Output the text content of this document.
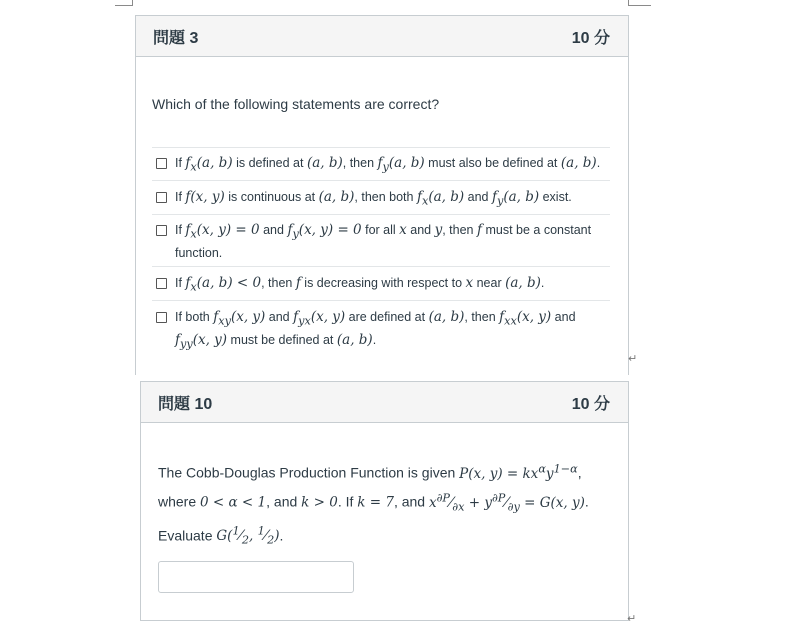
問題 3	10 分
Which of the following statements are correct?
If $f_x(a$, b) is defined at (a, b), then $f_y(a$, b) must also be defined at (a, b).
If f(x, y) is continuous at (a, b), then both $f_x(a$, b) and $f_y(a$, b) exist.
If $f_x(x$, y) = 0 and $f_y(x$, y) = 0 for all x and y, then f must be a constant function.
If $f_x(a$, b) < 0, then f is decreasing with respect to x near (a, b).
If both $f_{xy}(x$, y) and $f_{yx}(x$, y) are defined at (a, b), then $f_{xx}(x$, y) and $f_{yy}(x$, y) must be defined at (a, b).
↵
問題 10	10 分
The Cobb-Douglas Production Function is given P(x, $y) = kx^\alpha y^{1-\alpha}$, where 0 < α < 1, and k > 0. If k = 7, and $x^{\partial P}⁄_{\partial x}$ + $y^{\partial P}⁄_{\partial y} = G(x$, y). Evaluate $G(^1⁄_2$, $^1⁄_2$).
↵
